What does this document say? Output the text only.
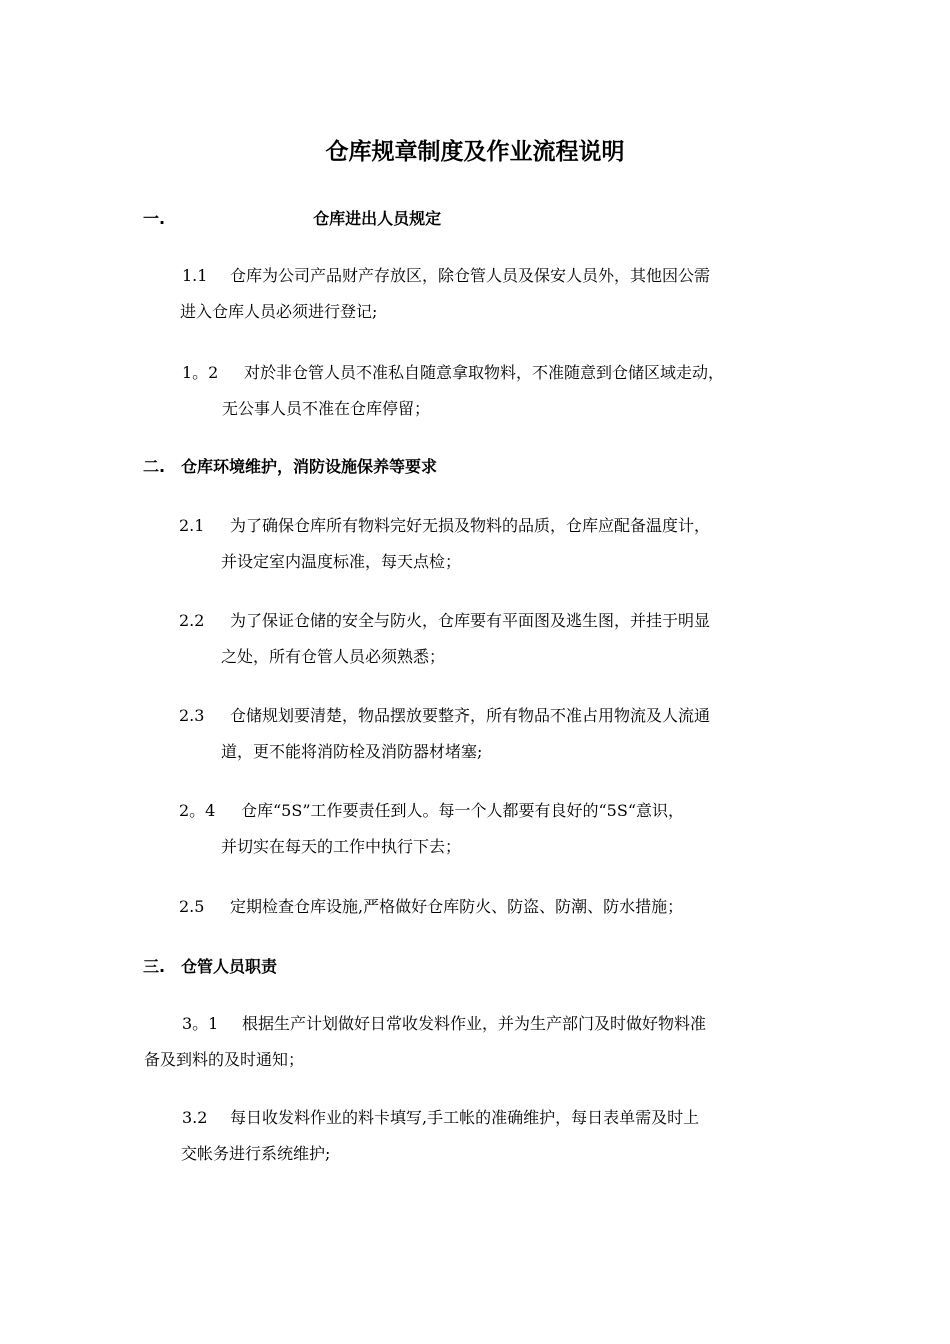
仓库规章制度及作业流程说明
一.	仓库进出人员规定
1.1 仓库为公司产品财产存放区，除仓管人员及保安人员外，其他因公需
进入仓库人员必须进行登记;
1。2 对於非仓管人员不准私自随意拿取物料，不准随意到仓储区域走动，
无公事人员不准在仓库停留；
二. 仓库环境维护，消防设施保养等要求
2.1 为了确保仓库所有物料完好无损及物料的品质，仓库应配备温度计，
并设定室内温度标准，每天点检；
2.2 为了保证仓储的安全与防火，仓库要有平面图及逃生图，并挂于明显
之处，所有仓管人员必须熟悉；
2.3 仓储规划要清楚，物品摆放要整齐，所有物品不准占用物流及人流通
道，更不能将消防栓及消防器材堵塞;
2。4 仓库“5S”工作要责任到人。每一个人都要有良好的“5S“意识，
并切实在每天的工作中执行下去；
2.5 定期检查仓库设施,严格做好仓库防火、防盗、防潮、防水措施；
三. 仓管人员职责
3。1 根据生产计划做好日常收发料作业，并为生产部门及时做好物料准
备及到料的及时通知；
3.2 每日收发料作业的料卡填写,手工帐的准确维护，每日表单需及时上
交帐务进行系统维护;
